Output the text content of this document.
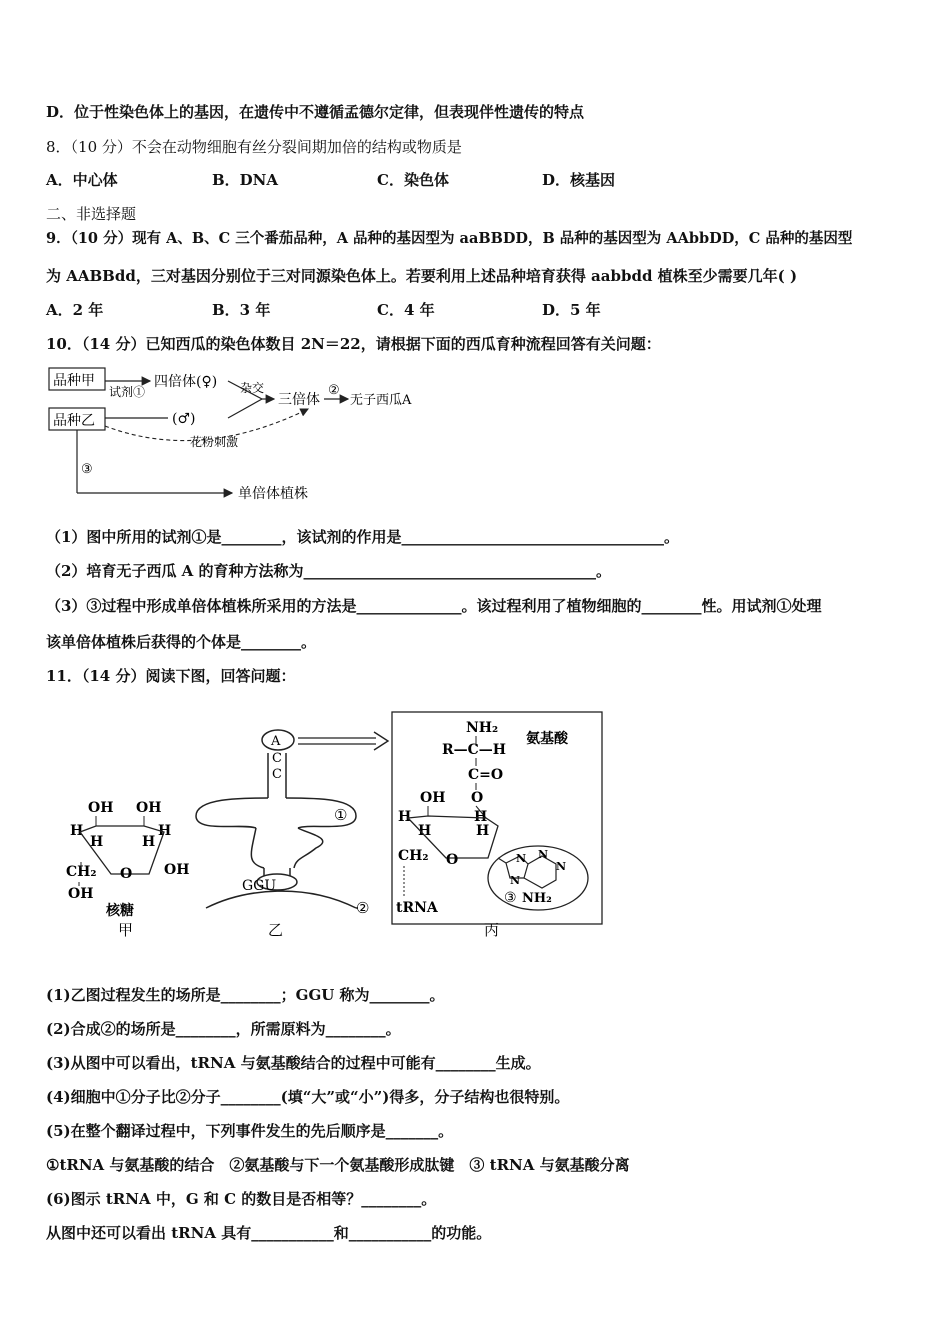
D．位于性染色体上的基因，在遗传中不遵循孟德尔定律，但表现伴性遗传的特点
8．（10 分）不会在动物细胞有丝分裂间期加倍的结构或物质是
A．中心体	B．DNA	C．染色体	D．核基因
二、非选择题
9．（10 分）现有 A、B、C 三个番茄品种，A 品种的基因型为 aaBBDD，B 品种的基因型为 AAbbDD，C 品种的基因型
为 AABBdd，三对基因分别位于三对同源染色体上。若要利用上述品种培育获得 aabbdd 植株至少需要几年( )
A．2 年	B．3 年	C．4 年	D．5 年
10．（14 分）已知西瓜的染色体数目 2N＝22，请根据下面的西瓜育种流程回答有关问题：
品种甲
品种乙
试剂①
四倍体(♀)
(♂)
杂交
三倍体
②
无子西瓜A
花粉刺激
③
单倍体植株
（1）图中所用的试剂①是________，该试剂的作用是___________________________________。
（2）培育无子西瓜 A 的育种方法称为_______________________________________。
（3）③过程中形成单倍体植株所采用的方法是______________。该过程利用了植物细胞的________性。用试剂①处理
该单倍体植株后获得的个体是________。
11．（14 分）阅读下图，回答问题：
OH OH
H	H
H	H
O
CH₂
OH
OH
核糖
甲
A
C
C
GGU
①
②
乙
氨基酸
NH₂
R—C—H
C=O
O
OH
H	H
H	H
O
CH₂
tRNA
N N
N
N
③ NH₂
丙
(1)乙图过程发生的场所是________；GGU 称为________。
(2)合成②的场所是________，所需原料为________。
(3)从图中可以看出，tRNA 与氨基酸结合的过程中可能有________生成。
(4)细胞中①分子比②分子________(填“大”或“小”)得多，分子结构也很特别。
(5)在整个翻译过程中，下列事件发生的先后顺序是_______。
①tRNA 与氨基酸的结合　②氨基酸与下一个氨基酸形成肽键　③ tRNA 与氨基酸分离
(6)图示 tRNA 中，G 和 C 的数目是否相等？________。
从图中还可以看出 tRNA 具有___________和___________的功能。
